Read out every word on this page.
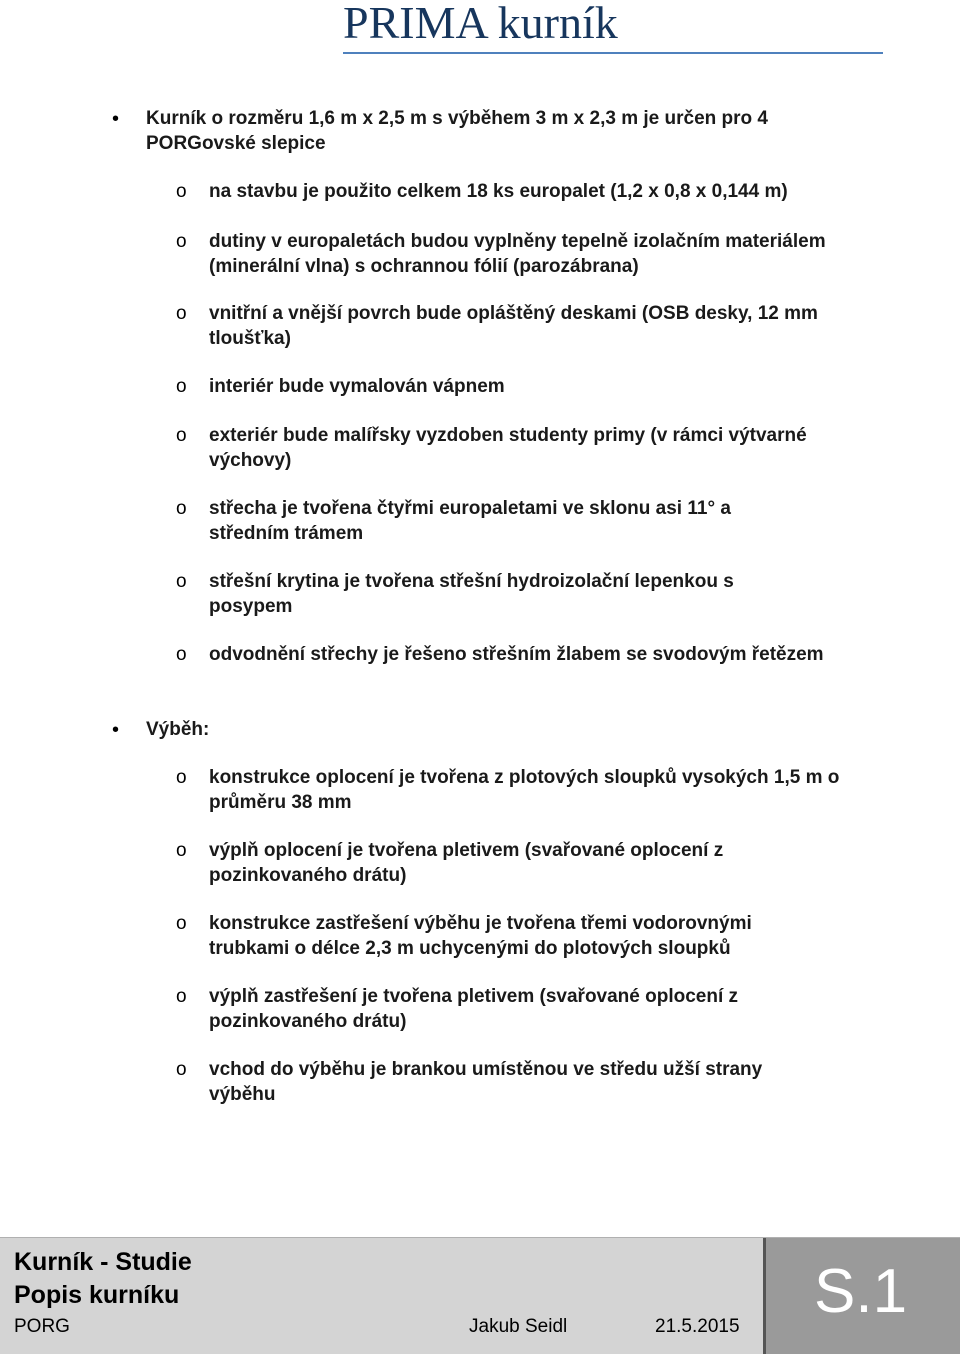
PRIMA kurník
•	Kurník o rozměru 1,6 m x 2,5 m s výběhem 3 m x 2,3 m je určen pro 4 PORGovské slepice
o na stavbu je použito celkem 18 ks europalet (1,2 x 0,8 x 0,144 m)
o dutiny v europaletách budou vyplněny tepelně izolačním materiálem (minerální vlna) s ochrannou fólií (parozábrana)
o vnitřní a vnější povrch bude opláštěný deskami (OSB desky, 12 mm tloušťka)
o interiér bude vymalován vápnem
o exteriér bude malířsky vyzdoben studenty primy (v rámci výtvarné výchovy)
o střecha je tvořena čtyřmi europaletami ve sklonu asi 11° a středním trámem
o střešní krytina je tvořena střešní hydroizolační lepenkou s posypem
o odvodnění střechy je řešeno střešním žlabem se svodovým řetězem
•	Výběh:
o konstrukce oplocení je tvořena z plotových sloupků vysokých 1,5 m o průměru 38 mm
o výplň oplocení je tvořena pletivem (svařované oplocení z pozinkovaného drátu)
o konstrukce zastřešení výběhu je tvořena třemi vodorovnými trubkami o délce 2,3 m uchycenými do plotových sloupků
o výplň zastřešení je tvořena pletivem (svařované oplocení z pozinkovaného drátu)
o vchod do výběhu je brankou umístěnou ve středu užší strany výběhu
Kurník - Studie
Popis kurníku
PORG	Jakub Seidl	21.5.2015
S.1
